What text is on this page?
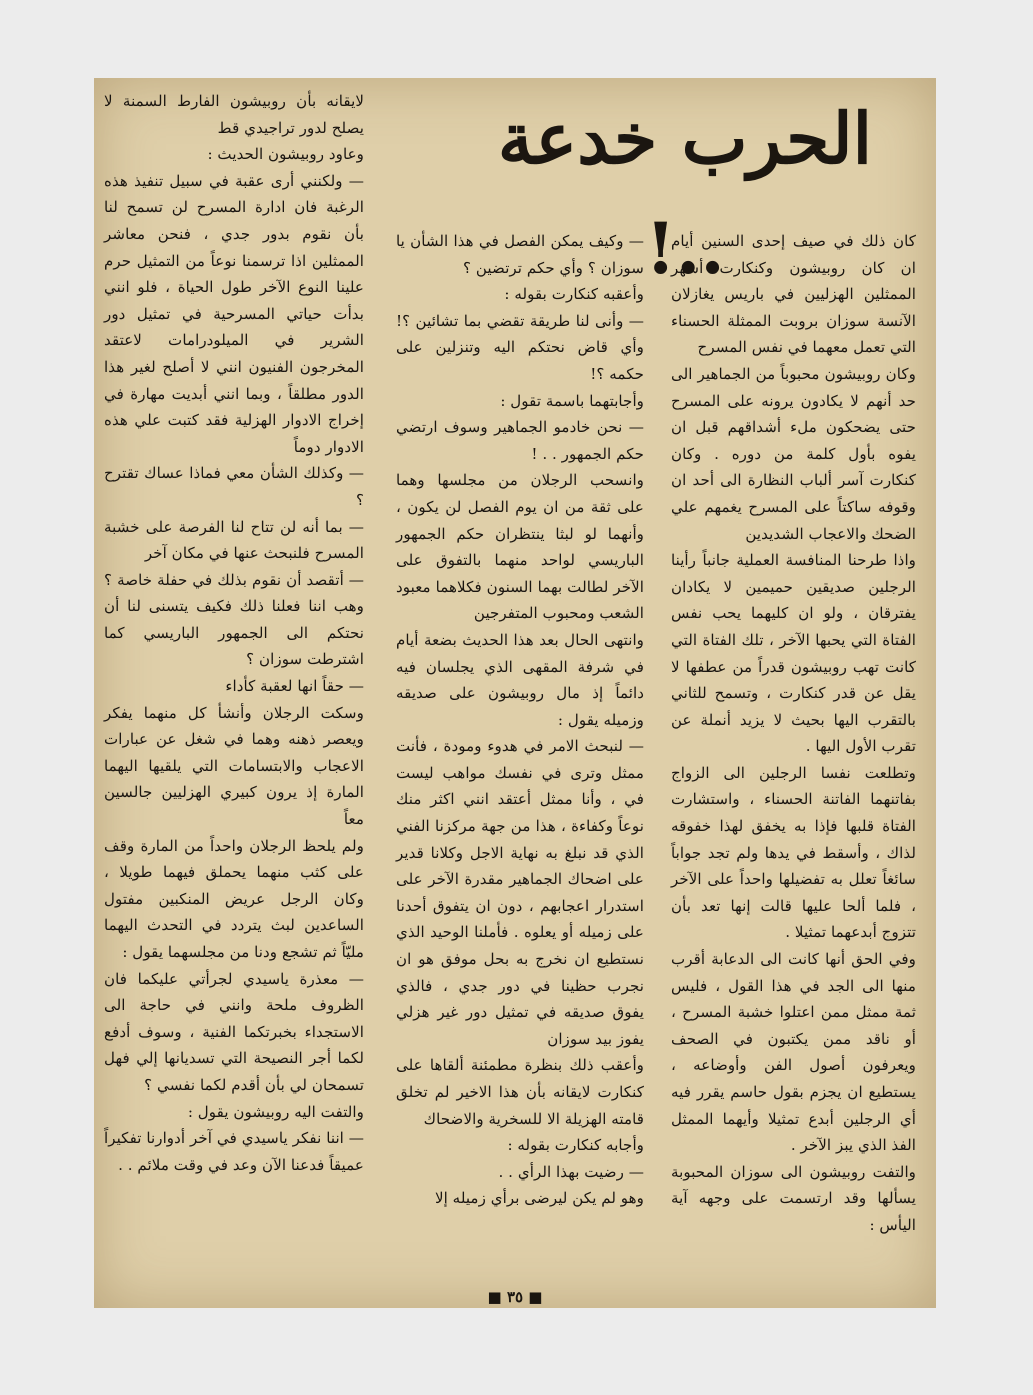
الحرب خدعة ..!

كان ذلك في صيف إحدى السنين أيام ان كان روبيشون وكنكارت أشهر الممثلين الهزليين في باريس يغازلان الآنسة سوزان بروبت الممثلة الحسناء التي تعمل معهما في نفس المسرح

وكان روبيشون محبوباً من الجماهير الى حد أنهم لا يكادون يرونه على المسرح حتى يضحكون ملء أشداقهم قبل ان يفوه بأول كلمة من دوره . وكان كنكارت آسر ألباب النظارة الى أحد ان وقوفه ساكتاً على المسرح يغمهم علي الضحك والاعجاب الشديدين

واذا طرحنا المنافسة العملية جانباً رأينا الرجلين صديقين حميمين لا يكادان يفترقان ، ولو ان كليهما يحب نفس الفتاة التي يحبها الآخر ، تلك الفتاة التي كانت تهب روبيشون قدراً من عطفها لا يقل عن قدر كنكارت ، وتسمح للثاني بالتقرب اليها بحيث لا يزيد أنملة عن تقرب الأول اليها .

وتطلعت نفسا الرجلين الى الزواج بفاتنهما الفاتنة الحسناء ، واستشارت الفتاة قلبها فإذا به يخفق لهذا خفوقه لذاك ، وأسقط في يدها ولم تجد جواباً سائغاً تعلل به تفضيلها واحداً على الآخر ، فلما ألحا عليها قالت إنها تعد بأن تتزوج أبدعهما تمثيلا .

وفي الحق أنها كانت الى الدعابة أقرب منها الى الجد في هذا القول ، فليس ثمة ممثل ممن اعتلوا خشبة المسرح ، أو ناقد ممن يكتبون في الصحف ويعرفون أصول الفن وأوضاعه ، يستطيع ان يجزم بقول حاسم يقرر فيه أي الرجلين أبدع تمثيلا وأيهما الممثل الفذ الذي يبز الآخر .

والتفت روبيشون الى سوزان المحبوبة يسألها وقد ارتسمت على وجهه آية اليأس :

— وكيف يمكن الفصل في هذا الشأن يا سوزان ؟ وأي حكم ترتضين ؟

وأعقبه كنكارت بقوله :

— وأنى لنا طريقة تقضي بما تشائين ؟! وأي قاض نحتكم اليه وتنزلين على حكمه ؟!

وأجابتهما باسمة تقول :

— نحن خادمو الجماهير وسوف ارتضي حكم الجمهور . . !

وانسحب الرجلان من مجلسها وهما على ثقة من ان يوم الفصل لن يكون ، وأنهما لو لبثا ينتظران حكم الجمهور الباريسي لواحد منهما بالتفوق على الآخر لطالت بهما السنون فكلاهما معبود الشعب ومحبوب المتفرجين

وانتهى الحال بعد هذا الحديث بضعة أيام في شرفة المقهى الذي يجلسان فيه دائماً إذ مال روبيشون على صديقه وزميله يقول :

— لنبحث الامر في هدوء ومودة ، فأنت ممثل وترى في نفسك مواهب ليست في ، وأنا ممثل أعتقد انني اكثر منك نوعاً وكفاءة ، هذا من جهة مركزنا الفني الذي قد نبلغ به نهاية الاجل وكلانا قدير على اضحاك الجماهير مقدرة الآخر على استدرار اعجابهم ، دون ان يتفوق أحدنا على زميله أو يعلوه . فأملنا الوحيد الذي نستطيع ان نخرج به بحل موفق هو ان نجرب حظينا في دور جدي ، فالذي يفوق صديقه في تمثيل دور غير هزلي يفوز بيد سوزان

وأعقب ذلك بنظرة مطمئنة ألقاها على كنكارت لايقانه بأن هذا الاخير لم تخلق قامته الهزيلة الا للسخرية والاضحاك

وأجابه كنكارت بقوله :

— رضيت بهذا الرأي . .

وهو لم يكن ليرضى برأي زميله إلا

لايقانه بأن روبيشون الفارط السمنة لا يصلح لدور تراجيدي قط

وعاود روبيشون الحديث :

— ولكنني أرى عقبة في سبيل تنفيذ هذه الرغبة فان ادارة المسرح لن تسمح لنا بأن نقوم بدور جدي ، فنحن معاشر الممثلين اذا ترسمنا نوعاً من التمثيل حرم علينا النوع الآخر طول الحياة ، فلو انني بدأت حياتي المسرحية في تمثيل دور الشرير في الميلودرامات لاعتقد المخرجون الفنيون انني لا أصلح لغير هذا الدور مطلقاً ، وبما انني أبديت مهارة في إخراج الادوار الهزلية فقد كتبت علي هذه الادوار دوماً

— وكذلك الشأن معي فماذا عساك تقترح ؟

— بما أنه لن تتاح لنا الفرصة على خشبة المسرح فلنبحث عنها في مكان آخر

— أتقصد أن نقوم بذلك في حفلة خاصة ؟ وهب اننا فعلنا ذلك فكيف يتسنى لنا أن نحتكم الى الجمهور الباريسي كما اشترطت سوزان ؟

— حقاً انها لعقبة كأداء

وسكت الرجلان وأنشأ كل منهما يفكر ويعصر ذهنه وهما في شغل عن عبارات الاعجاب والابتسامات التي يلقيها اليهما المارة إذ يرون كبيري الهزليين جالسين معاً

ولم يلحظ الرجلان واحداً من المارة وقف على كثب منهما يحملق فيهما طويلا ، وكان الرجل عريض المنكبين مفتول الساعدين لبث يتردد في التحدث اليهما مليّاً ثم تشجع ودنا من مجلسهما يقول :

— معذرة ياسيدي لجرأتي عليكما فان الظروف ملحة وانني في حاجة الى الاستجداء بخبرتكما الفنية ، وسوف أدفع لكما أجر النصيحة التي تسديانها إلي فهل تسمحان لي بأن أقدم لكما نفسي ؟

والتفت اليه روبيشون يقول :

— اننا نفكر ياسيدي في آخر أدوارنا تفكيراً عميقاً فدعنا الآن وعد في وقت ملائم . .

■ ٣٥ ■
